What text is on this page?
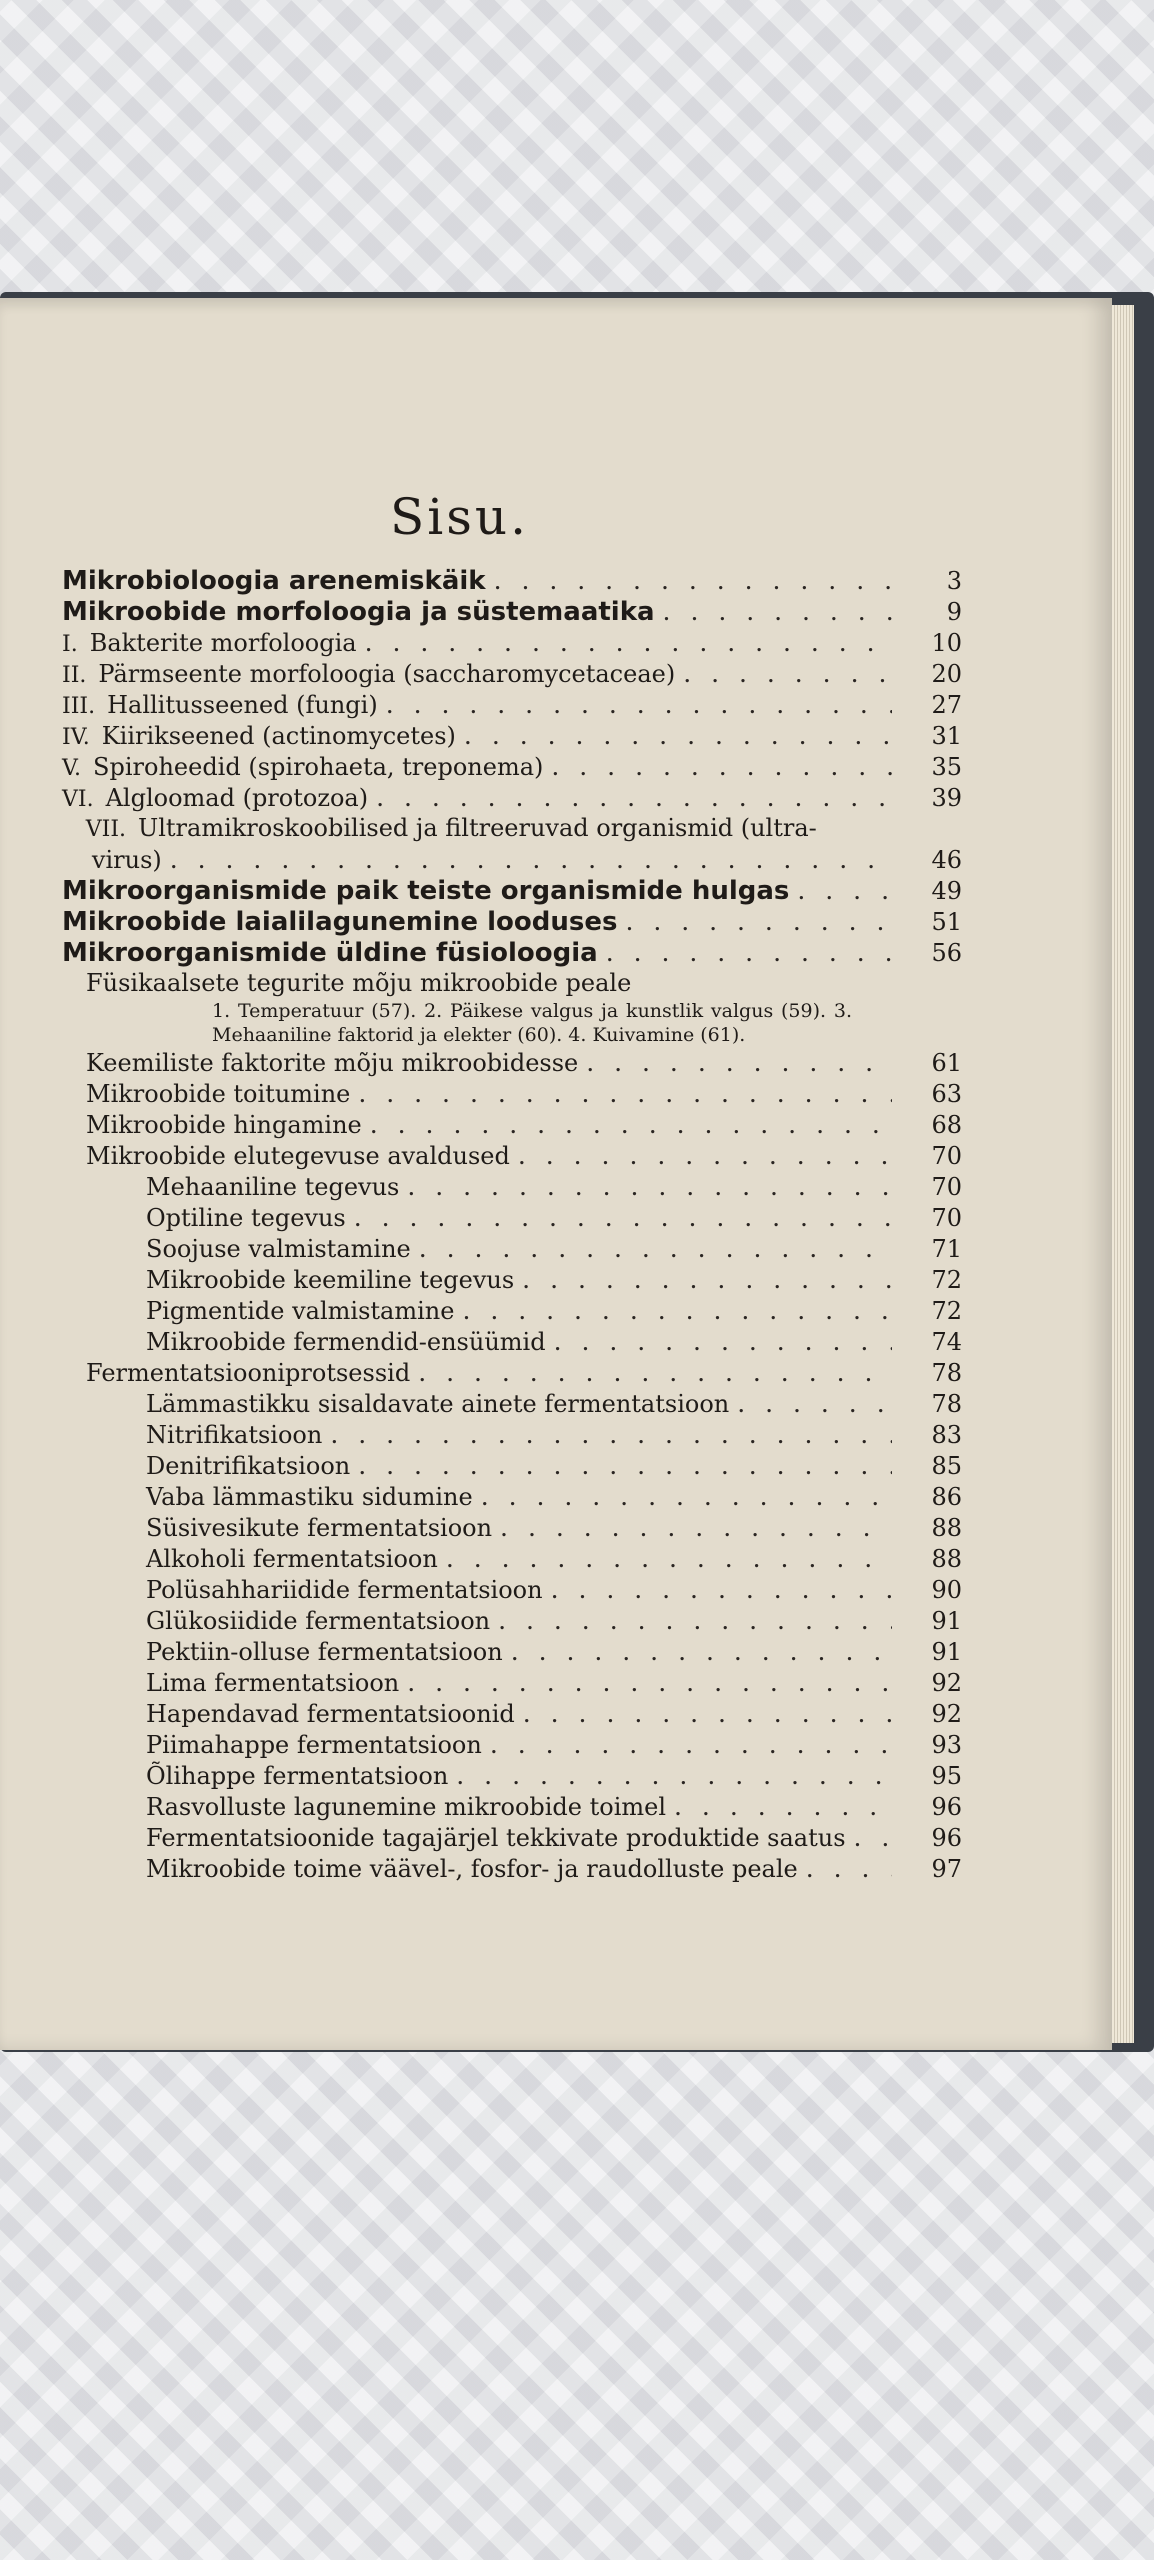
Sisu.
Mikrobioloogia arenemiskäik . . .	3
Mikroobide morfoloogia ja süstemaatika . . .	9
I. Bakterite morfoloogia . . .	10
II. Pärmseente morfoloogia (saccharomycetaceae) . . .	20
III. Hallitusseened (fungi) . . .	27
IV. Kiirikseened (actinomycetes) . . .	31
V. Spiroheedid (spirohaeta, treponema) . . .	35
VI. Algloomad (protozoa) . . .	39
VII. Ultramikroskoobilised ja filtreeruvad organismid (ultra-
virus) . . .	46
Mikroorganismide paik teiste organismide hulgas . . .	49
Mikroobide laialilagunemine looduses . . .	51
Mikroorganismide üldine füsioloogia . . .	56
Füsikaalsete tegurite mõju mikroobide peale
1. Temperatuur (57). 2. Päikese valgus ja kunstlik valgus (59). 3. Mehaaniline faktorid ja elekter (60). 4. Kuivamine (61).
Keemiliste faktorite mõju mikroobidesse . . .	61
Mikroobide toitumine . . .	63
Mikroobide hingamine . . .	68
Mikroobide elutegevuse avaldused . . .	70
Mehaaniline tegevus . . .	70
Optiline tegevus . . .	70
Soojuse valmistamine . . .	71
Mikroobide keemiline tegevus . . .	72
Pigmentide valmistamine . . .	72
Mikroobide fermendid-ensüümid . . .	74
Fermentatsiooniprotsessid . . .	78
Lämmastikku sisaldavate ainete fermentatsioon . . .	78
Nitrifikatsioon . . .	83
Denitrifikatsioon . . .	85
Vaba lämmastiku sidumine . . .	86
Süsivesikute fermentatsioon . . .	88
Alkoholi fermentatsioon . . .	88
Polüsahhariidide fermentatsioon . . .	90
Glükosiidide fermentatsioon . . .	91
Pektiin-olluse fermentatsioon . . .	91
Lima fermentatsioon . . .	92
Hapendavad fermentatsioonid . . .	92
Piimahappe fermentatsioon . . .	93
Õlihappe fermentatsioon . . .	95
Rasvolluste lagunemine mikroobide toimel . . .	96
Fermentatsioonide tagajärjel tekkivate produktide saatus . . .	96
Mikroobide toime väävel-, fosfor- ja raudolluste peale . . .	97
